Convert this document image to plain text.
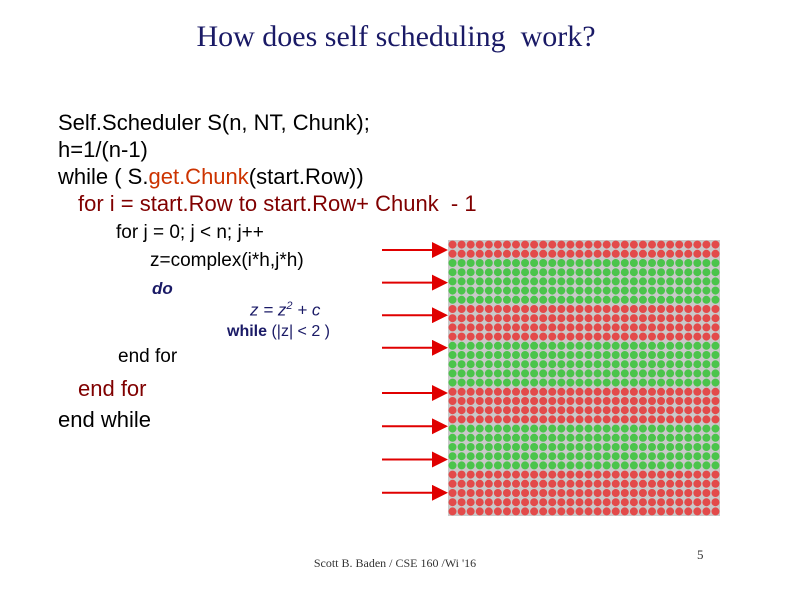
How does self scheduling  work?
Self.Scheduler S(n, NT, Chunk);
h=1/(n-1)
while ( S.get.Chunk(start.Row))
for i = start.Row to start.Row+ Chunk  - 1
for j = 0; j < n; j++
z=complex(i*h,j*h)
do
$z = z^2 + c$
while (|z| < 2 )
end for
end for
end while
Scott B. Baden / CSE 160 /Wi '16
5
